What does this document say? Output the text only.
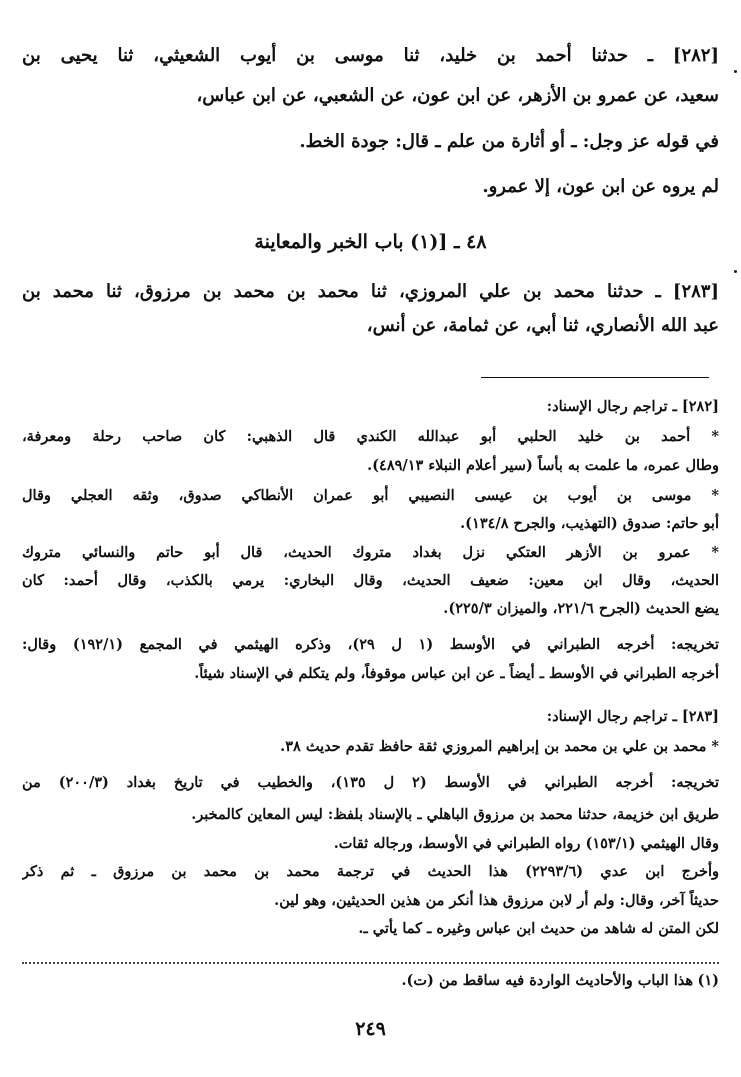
[٢٨٢] ـ حدثنا أحمد بن خليد، ثنا موسى بن أيوب الشعيثي، ثنا يحيى بن
سعيد، عن عمرو بن الأزهر، عن ابن عون، عن الشعبي، عن ابن عباس،
في قوله عز وجل: ـ أو أثارة من علم ـ قال: جودة الخط.
لم يروه عن ابن عون، إلا عمرو.
٤٨ ـ [(١) باب الخبر والمعاينة
[٢٨٣] ـ حدثنا محمد بن علي المروزي، ثنا محمد بن محمد بن مرزوق، ثنا محمد بن
عبد الله الأنصاري، ثنا أبي، عن ثمامة، عن أنس،
[٢٨٢] ـ تراجم رجال الإسناد:
* أحمد بن خليد الحلبي أبو عبدالله الكندي قال الذهبي: كان صاحب رحلة ومعرفة،
وطال عمره، ما علمت به بأساً (سير أعلام النبلاء ٤٨٩/١٣).
* موسى بن أيوب بن عيسى النصيبي أبو عمران الأنطاكي صدوق، وثقه العجلي وقال
أبو حاتم: صدوق (التهذيب، والجرح ١٣٤/٨).
* عمرو بن الأزهر العتكي نزل بغداد متروك الحديث، قال أبو حاتم والنسائي متروك
الحديث، وقال ابن معين: ضعيف الحديث، وقال البخاري: يرمي بالكذب، وقال أحمد: كان
يضع الحديث (الجرح ٢٢١/٦، والميزان ٢٢٥/٣).
تخريجه: أخرجه الطبراني في الأوسط (١ ل ٢٩)، وذكره الهيثمي في المجمع (١٩٢/١) وقال:
أخرجه الطبراني في الأوسط ـ أيضاً ـ عن ابن عباس موقوفاً، ولم يتكلم في الإسناد شيئاً.
[٢٨٣] ـ تراجم رجال الإسناد:
* محمد بن علي بن محمد بن إبراهيم المروزي ثقة حافظ تقدم حديث ٣٨.
تخريجه: أخرجه الطبراني في الأوسط (٢ ل ١٣٥)، والخطيب في تاريخ بغداد (٢٠٠/٣) من
طريق ابن خزيمة، حدثنا محمد بن مرزوق الباهلي ـ بالإسناد بلفظ: ليس المعاين كالمخبر.
وقال الهيثمي (١٥٣/١) رواه الطبراني في الأوسط، ورجاله ثقات.
وأخرج ابن عدي (٢٢٩٣/٦) هذا الحديث في ترجمة محمد بن محمد بن مرزوق ـ ثم ذكر
حديثاً آخر، وقال: ولم أر لابن مرزوق هذا أنكر من هذين الحديثين، وهو لين.
لكن المتن له شاهد من حديث ابن عباس وغيره ـ كما يأتي ـ.
(١)
هذا الباب والأحاديث الواردة فيه ساقط من (ت).
٢٤٩
